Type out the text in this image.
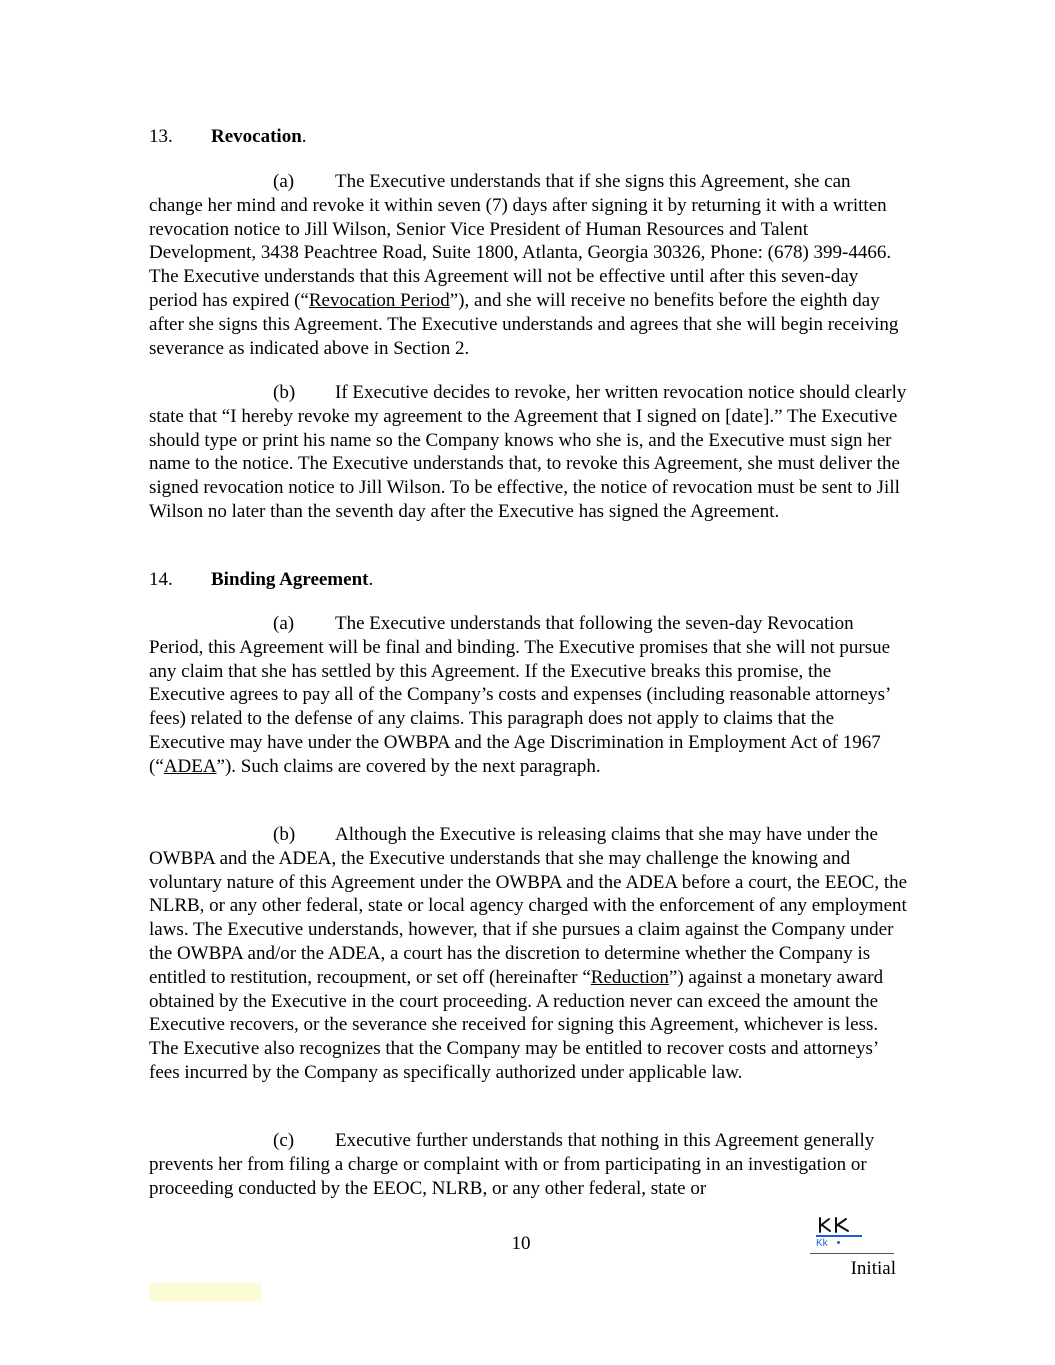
13. Revocation.
(a) The Executive understands that if she signs this Agreement, she can change her mind and revoke it within seven (7) days after signing it by returning it with a written revocation notice to Jill Wilson, Senior Vice President of Human Resources and Talent Development, 3438 Peachtree Road, Suite 1800, Atlanta, Georgia 30326, Phone: (678) 399-4466. The Executive understands that this Agreement will not be effective until after this seven-day period has expired (“Revocation Period”), and she will receive no benefits before the eighth day after she signs this Agreement. The Executive understands and agrees that she will begin receiving severance as indicated above in Section 2.
(b) If Executive decides to revoke, her written revocation notice should clearly state that “I hereby revoke my agreement to the Agreement that I signed on [date].” The Executive should type or print his name so the Company knows who she is, and the Executive must sign her name to the notice. The Executive understands that, to revoke this Agreement, she must deliver the signed revocation notice to Jill Wilson. To be effective, the notice of revocation must be sent to Jill Wilson no later than the seventh day after the Executive has signed the Agreement.
14. Binding Agreement.
(a) The Executive understands that following the seven-day Revocation Period, this Agreement will be final and binding. The Executive promises that she will not pursue any claim that she has settled by this Agreement. If the Executive breaks this promise, the Executive agrees to pay all of the Company’s costs and expenses (including reasonable attorneys’ fees) related to the defense of any claims. This paragraph does not apply to claims that the Executive may have under the OWBPA and the Age Discrimination in Employment Act of 1967 (“ADEA”). Such claims are covered by the next paragraph.
(b) Although the Executive is releasing claims that she may have under the OWBPA and the ADEA, the Executive understands that she may challenge the knowing and voluntary nature of this Agreement under the OWBPA and the ADEA before a court, the EEOC, the NLRB, or any other federal, state or local agency charged with the enforcement of any employment laws. The Executive understands, however, that if she pursues a claim against the Company under the OWBPA and/or the ADEA, a court has the discretion to determine whether the Company is entitled to restitution, recoupment, or set off (hereinafter “Reduction”) against a monetary award obtained by the Executive in the court proceeding. A reduction never can exceed the amount the Executive recovers, or the severance she received for signing this Agreement, whichever is less. The Executive also recognizes that the Company may be entitled to recover costs and attorneys’ fees incurred by the Company as specifically authorized under applicable law.
(c) Executive further understands that nothing in this Agreement generally prevents her from filing a charge or complaint with or from participating in an investigation or proceeding conducted by the EEOC, NLRB, or any other federal, state or
10	Kk
Initial
